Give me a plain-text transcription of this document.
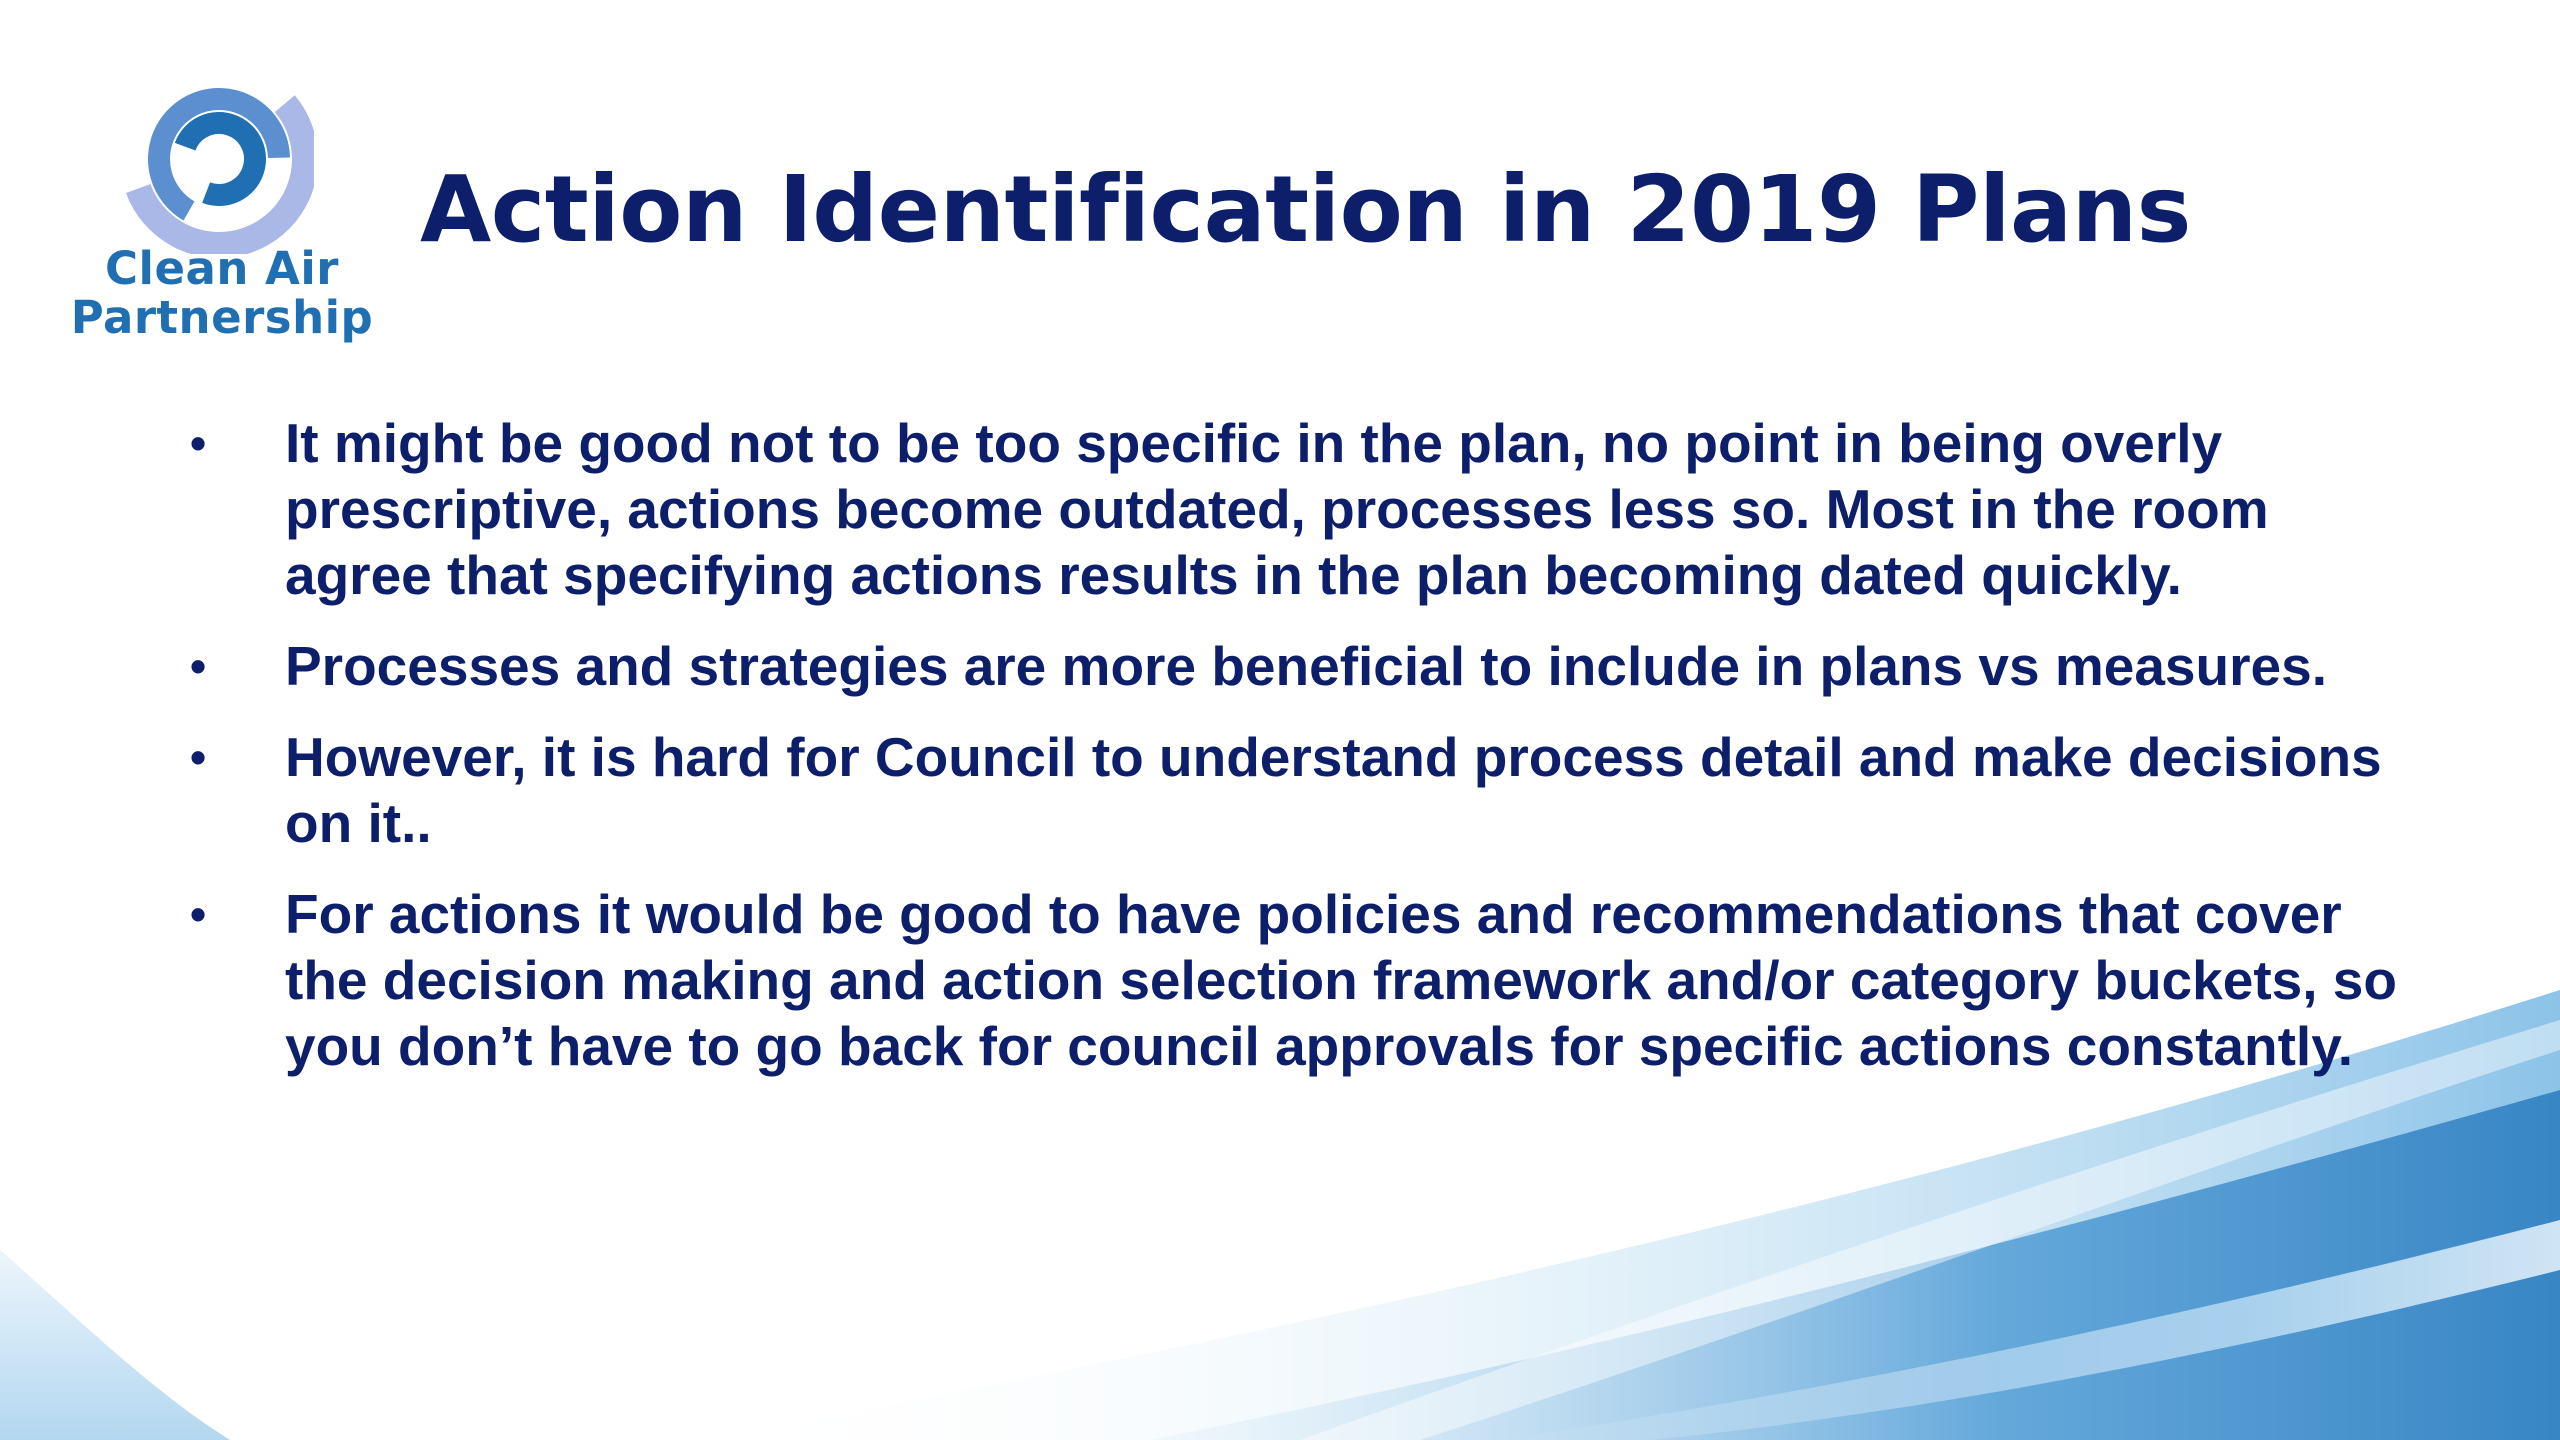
Clean Air
Partnership
Action Identification in 2019 Plans
• It might be good not to be too specific in the plan, no point in being overly prescriptive, actions become outdated, processes less so. Most in the room agree that specifying actions results in the plan becoming dated quickly.
• Processes and strategies are more beneficial to include in plans vs measures.
• However, it is hard for Council to understand process detail and make decisions on it..
• For actions it would be good to have policies and recommendations that cover the decision making and action selection framework and/or category buckets, so you don’t have to go back for council approvals for specific actions constantly.
